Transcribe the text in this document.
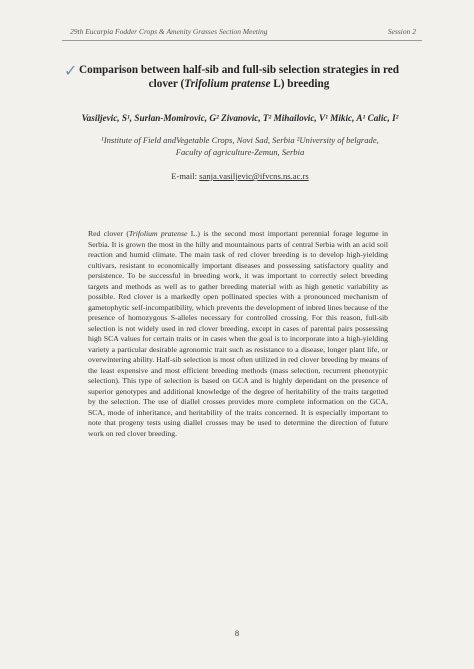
29th Eucarpia Fodder Crops & Amenity Grasses Section Meeting	Session 2
✓ Comparison between half-sib and full-sib selection strategies in red clover (Trifolium pratense L) breeding
Vasiljevic, S¹, Surlan-Momirovic, G² Zivanovic, T² Mihailovic, V¹ Mikic, A¹ Calic, I²
¹Institute of Field andVegetable Crops, Novi Sad, Serbia ²University of belgrade,
Faculty of agriculture-Zemun, Serbia
E-mail: sanja.vasiljevic@ifvcns.ns.ac.rs
Red clover (Trifolium pratense L.) is the second most important perennial forage legume in Serbia. It is grown the most in the hilly and mountainous parts of central Serbia with an acid soil reaction and humid climate. The main task of red clover breeding is to develop high-yielding cultivars, resistant to economically important diseases and possessing satisfactory quality and persistence. To be successful in breeding work, it was important to correctly select breeding targets and methods as well as to gather breeding material with as high genetic variability as possible. Red clover is a markedly open pollinated species with a pronounced mechanism of gametophytic self-incompatibility, which prevents the development of inbred lines because of the presence of homozygous S-alleles necessary for controlled crossing. For this reason, full-sib selection is not widely used in red clover breeding, except in cases of parental pairs possessing high SCA values for certain traits or in cases when the goal is to incorporate into a high-yielding variety a particular desirable agronomic trait such as resistance to a disease, longer plant life, or overwintering ability. Half-sib selection is most often utilized in red clover breeding by means of the least expensive and most efficient breeding methods (mass selection, recurrent phenotypic selection). This type of selection is based on GCA and is highly dependant on the presence of superior genotypes and additional knowledge of the degree of heritability of the traits targetted by the selection. The use of diallel crosses provides more complete information on the GCA, SCA, mode of inheritance, and heritability of the traits concerned. It is especially important to note that progeny tests using diallel crosses may be used to determine the direction of future work on red clover breeding.
8
